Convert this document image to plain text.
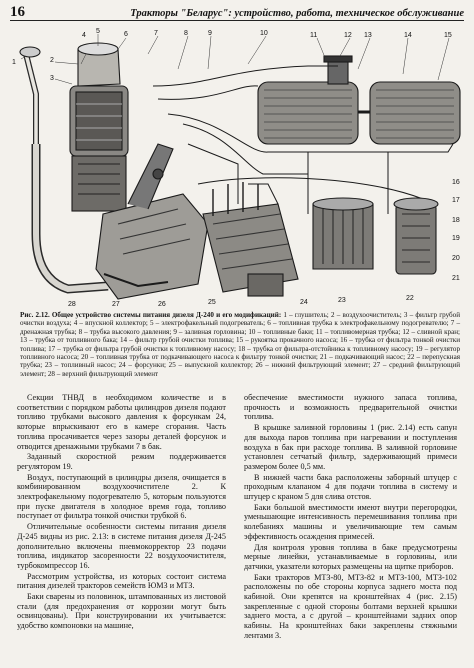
16	Тракторы "Беларус": устройство, работа, техническое обслуживание
1	2
3
4
5	6	7	8	9	10	11	12 13	14	15
16
17
18
19
20
21
22
23
24
25
26
27
28
Рис. 2.12. Общее устройство системы питания дизеля Д-240 и его модификаций: 1 – глушитель; 2 – воздухоочиститель; 3 – фильтр грубой очистки воздуха; 4 – впускной коллектор; 5 – электрофакельный подогреватель; 6 – топливная трубка к электрофакельному подогревателю; 7 – дренажная трубка; 8 – трубка высокого давления; 9 – заливная горловина; 10 – топливные баки; 11 – топливомерная трубка; 12 – сливной кран; 13 – трубка от топливного бака; 14 – фильтр грубой очистки топлива; 15 – рукоятка прокачного насоса; 16 – трубка от фильтра тонкой очистки топлива; 17 – трубка от фильтра грубой очистки к топливному насосу; 18 – трубка от фильтра-отстойника к топливному насосу; 19 – регулятор топливного насоса; 20 – топливная трубка от подкачивающего насоса к фильтру тонкой очистки; 21 – подкачивающий насос; 22 – перепускная трубка; 23 – топливный насос; 24 – форсунки; 25 – выпускной коллектор; 26 – нижний фильтрующий элемент; 27 – средний фильтрующий элемент; 28 – верхний фильтрующий элемент

Секции ТНВД в необходимом количестве и в соответствии с порядком работы цилиндров дизеля подают топливо трубками высокого давления к форсункам 24, которые впрыскивают его в камере сгорания. Часть топлива просачивается через зазоры деталей форсунок и отводится дренажными трубками 7 в бак.

Заданный скоростной режим поддерживается регулятором 19.

Воздух, поступающий в цилиндры дизеля, очищается в комбинированном воздухоочистителе 2. К электрофакельному подогревателю 5, которым пользуются при пуске двигателя в холодное время года, топливо поступает от фильтра тонкой очистки трубкой 6.

Отличительные особенности системы питания дизеля Д-245 видны из рис. 2.13: в системе питания дизеля Д-245 дополнительно включены пневмокорректор 23 подачи топлива, индикатор засоренности 22 воздухоочистителя, турбокомпрессор 16.

Рассмотрим устройства, из которых состоит система питания дизелей тракторов семейств ЮМЗ и МТЗ.

Баки сварены из половинок, штампованных из листовой стали (для предохранения от коррозии могут быть освинцованы). При конструировании их учитывается: удобство компоновки на машине,

обеспечение вместимости нужного запаса топлива, прочность и возможность предварительной очистки топлива.

В крышке заливной горловины 1 (рис. 2.14) есть сапун для выхода паров топлива при нагревании и поступления воздуха в бак при расходе топлива. В заливной горловине установлен сетчатый фильтр, задерживающий примеси размером более 0,5 мм.

В нижней части бака расположены заборный штуцер с проходным клапаном 4 для подачи топлива в систему и штуцер с краном 5 для слива отстоя.

Баки большой вместимости имеют внутри перегородки, уменьшающие интенсивность перемешивания топлива при колебаниях машины и увеличивающие тем самым эффективность осаждения примесей.

Для контроля уровня топлива в баке предусмотрены мерные линейки, устанавливаемые в горловины, или датчики, указатели которых размещены на щитке приборов.

Баки тракторов МТЗ-80, МТЗ-82 и МТЗ-100, МТЗ-102 расположены по обе стороны корпуса заднего моста под кабиной. Они крепятся на кронштейнах 4 (рис. 2.15) закрепленные с одной стороны болтами верхней крышки заднего моста, а с другой – кронштейнами задних опор кабины. На кронштейнах баки закреплены стяжными лентами 3.
